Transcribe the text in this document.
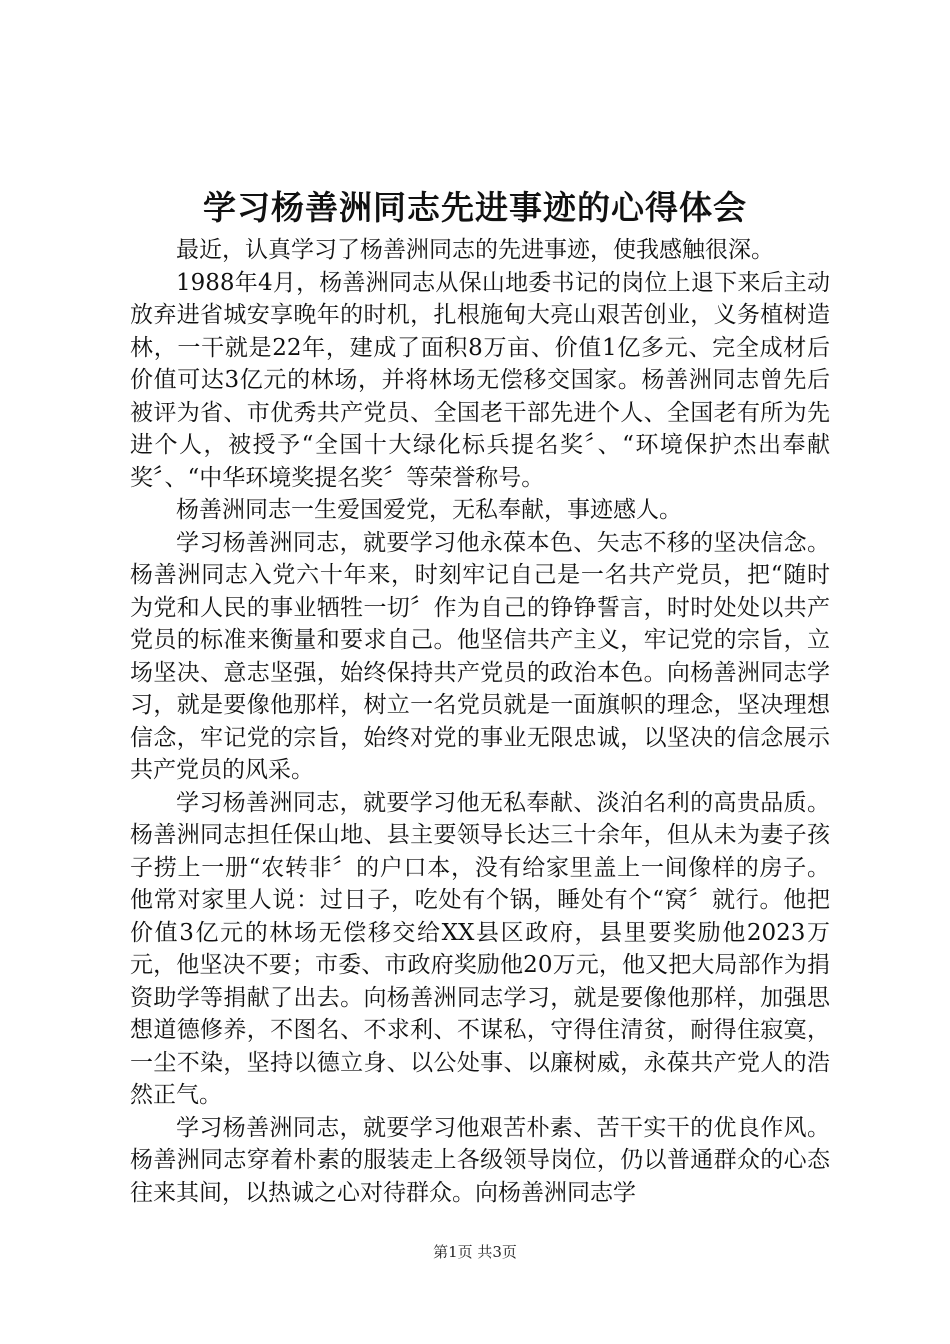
学习杨善洲同志先进事迹的心得体会

最近，认真学习了杨善洲同志的先进事迹，使我感触很深。

1988年4月，杨善洲同志从保山地委书记的岗位上退下来后主动放弃进省城安享晚年的时机，扎根施甸大亮山艰苦创业，义务植树造林，一干就是22年，建成了面积8万亩、价值1亿多元、完全成材后价值可达3亿元的林场，并将林场无偿移交国家。杨善洲同志曾先后被评为省、市优秀共产党员、全国老干部先进个人、全国老有所为先进个人，被授予“全国十大绿化标兵提名奖〞、“环境保护杰出奉献奖〞、“中华环境奖提名奖〞等荣誉称号。

杨善洲同志一生爱国爱党，无私奉献，事迹感人。

学习杨善洲同志，就要学习他永葆本色、矢志不移的坚决信念。杨善洲同志入党六十年来，时刻牢记自己是一名共产党员，把“随时为党和人民的事业牺牲一切〞作为自己的铮铮誓言，时时处处以共产党员的标准来衡量和要求自己。他坚信共产主义，牢记党的宗旨，立场坚决、意志坚强，始终保持共产党员的政治本色。向杨善洲同志学习，就是要像他那样，树立一名党员就是一面旗帜的理念，坚决理想信念，牢记党的宗旨，始终对党的事业无限忠诚，以坚决的信念展示共产党员的风采。

学习杨善洲同志，就要学习他无私奉献、淡泊名利的高贵品质。杨善洲同志担任保山地、县主要领导长达三十余年，但从未为妻子孩子捞上一册“农转非〞的户口本，没有给家里盖上一间像样的房子。他常对家里人说：过日子，吃处有个锅，睡处有个“窝〞就行。他把价值3亿元的林场无偿移交给XX县区政府，县里要奖励他2023万元，他坚决不要；市委、市政府奖励他20万元，他又把大局部作为捐资助学等捐献了出去。向杨善洲同志学习，就是要像他那样，加强思想道德修养，不图名、不求利、不谋私，守得住清贫，耐得住寂寞，一尘不染，坚持以德立身、以公处事、以廉树威，永葆共产党人的浩然正气。

学习杨善洲同志，就要学习他艰苦朴素、苦干实干的优良作风。杨善洲同志穿着朴素的服装走上各级领导岗位，仍以普通群众的心态往来其间，以热诚之心对待群众。向杨善洲同志学

第1页 共3页
